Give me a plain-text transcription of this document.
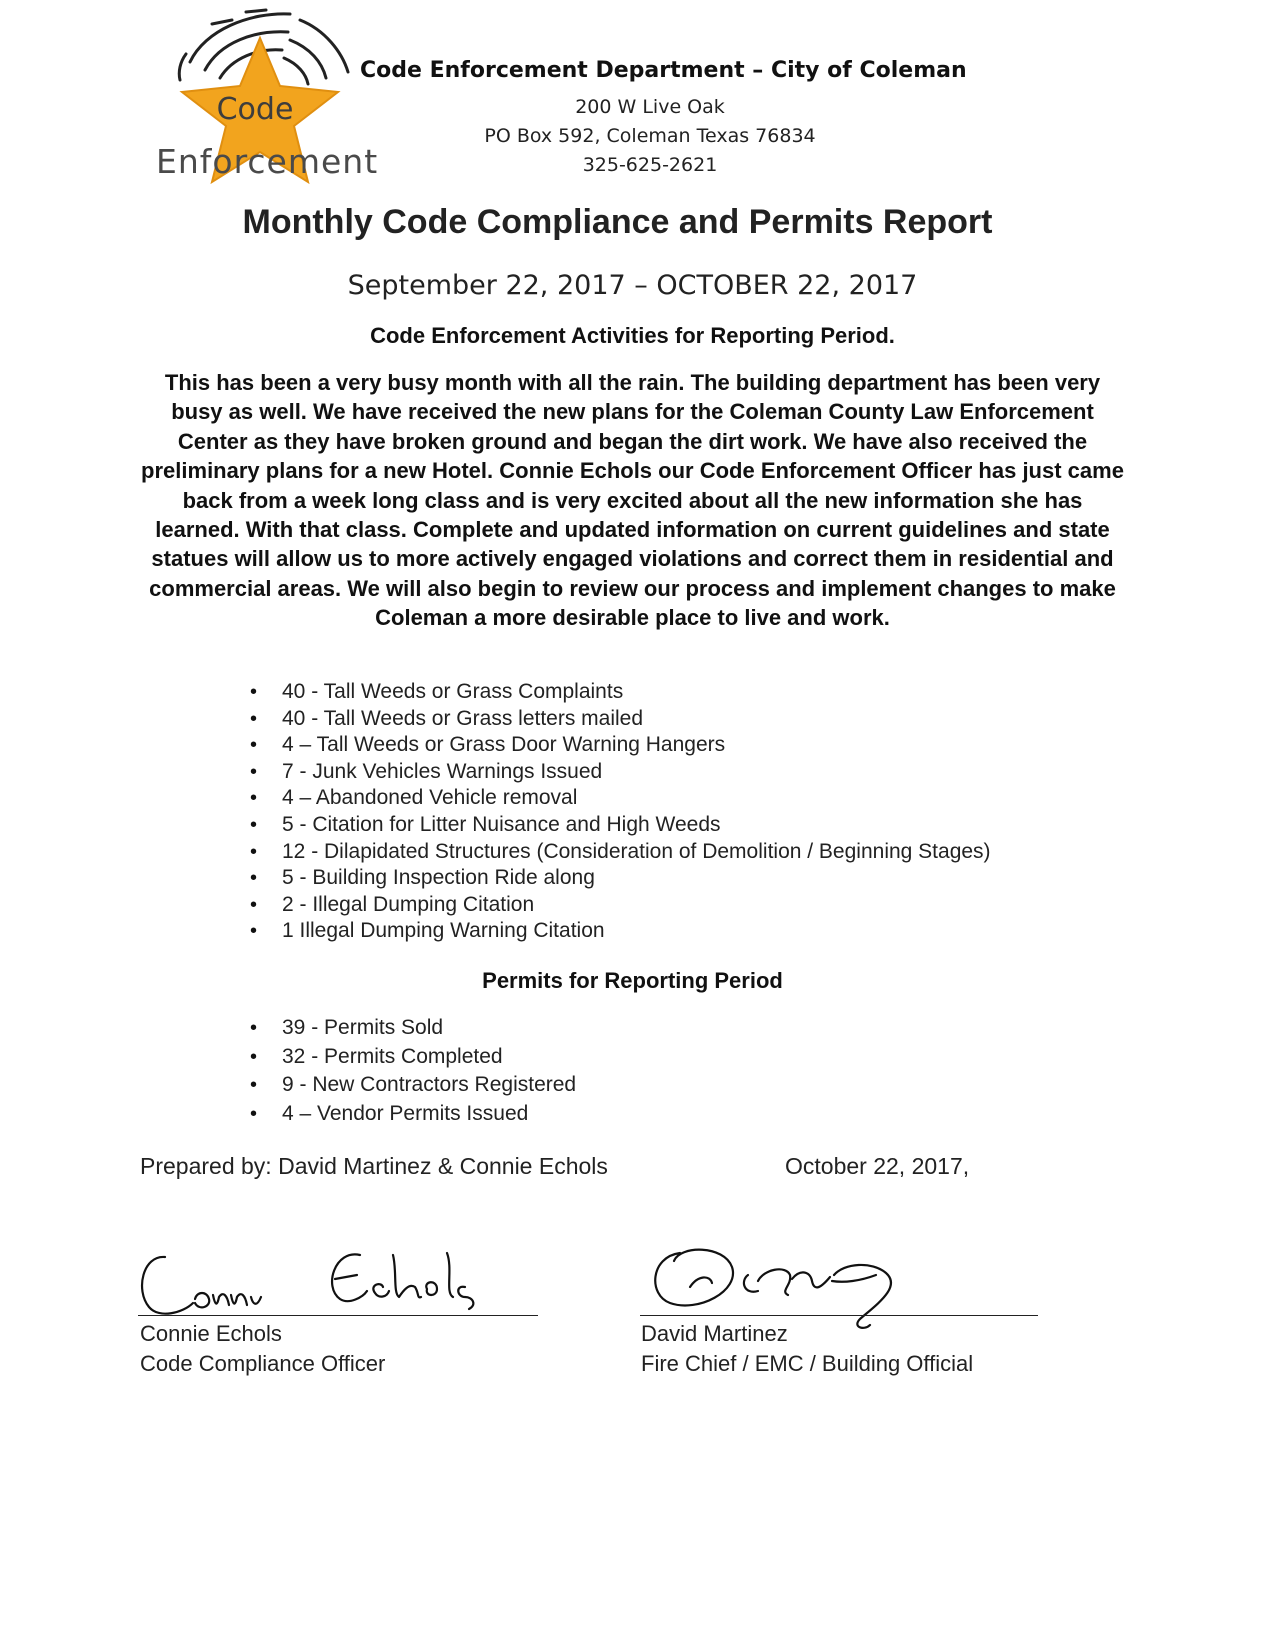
Code
Enforcement
Code Enforcement Department – City of Coleman
200 W Live Oak
PO Box 592, Coleman Texas 76834
325-625-2621
Monthly Code Compliance and Permits Report
September 22, 2017 – OCTOBER 22, 2017
Code Enforcement Activities for Reporting Period.

This has been a very busy month with all the rain. The building department has been very busy as well. We have received the new plans for the Coleman County Law Enforcement Center as they have broken ground and began the dirt work. We have also received the preliminary plans for a new Hotel. Connie Echols our Code Enforcement Officer has just came back from a week long class and is very excited about all the new information she has learned. With that class. Complete and updated information on current guidelines and state statues will allow us to more actively engaged violations and correct them in residential and commercial areas. We will also begin to review our process and implement changes to make Coleman a more desirable place to live and work.

• 40 - Tall Weeds or Grass Complaints
• 40 - Tall Weeds or Grass letters mailed
• 4 – Tall Weeds or Grass Door Warning Hangers
• 7 - Junk Vehicles Warnings Issued
• 4 – Abandoned Vehicle removal
• 5 - Citation for Litter Nuisance and High Weeds
• 12 - Dilapidated Structures (Consideration of Demolition / Beginning Stages)
• 5 - Building Inspection Ride along
• 2 - Illegal Dumping Citation
• 1 Illegal Dumping Warning Citation
Permits for Reporting Period
• 39 - Permits Sold
• 32 - Permits Completed
• 9 - New Contractors Registered
• 4 – Vendor Permits Issued
Prepared by: David Martinez & Connie Echols	October 22, 2017,
Connie Echols
Code Compliance Officer
David Martinez
Fire Chief / EMC / Building Official
